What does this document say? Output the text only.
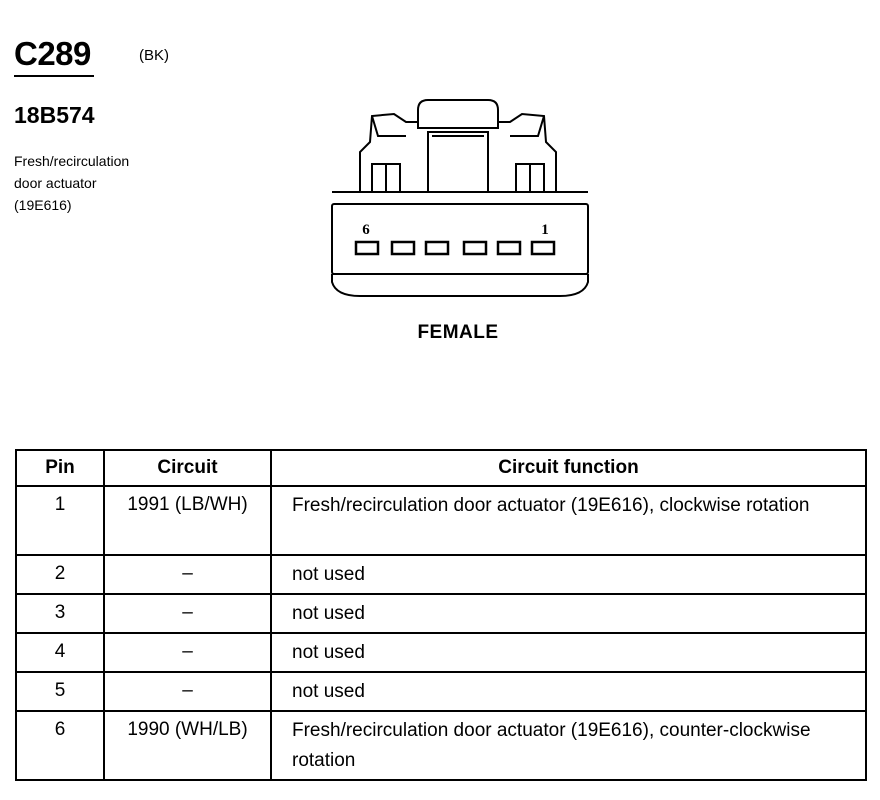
C289	(BK)
18B574
Fresh/recirculation
door actuator
(19E616)
6	1
FEMALE
Pin	Circuit	Circuit function
1	1991 (LB/WH)	Fresh/recirculation door actuator (19E616), clockwise rotation
2	–	not used
3	–	not used
4	–	not used
5	–	not used
6	1990 (WH/LB)	Fresh/recirculation door actuator (19E616), counter-clockwise rotation
